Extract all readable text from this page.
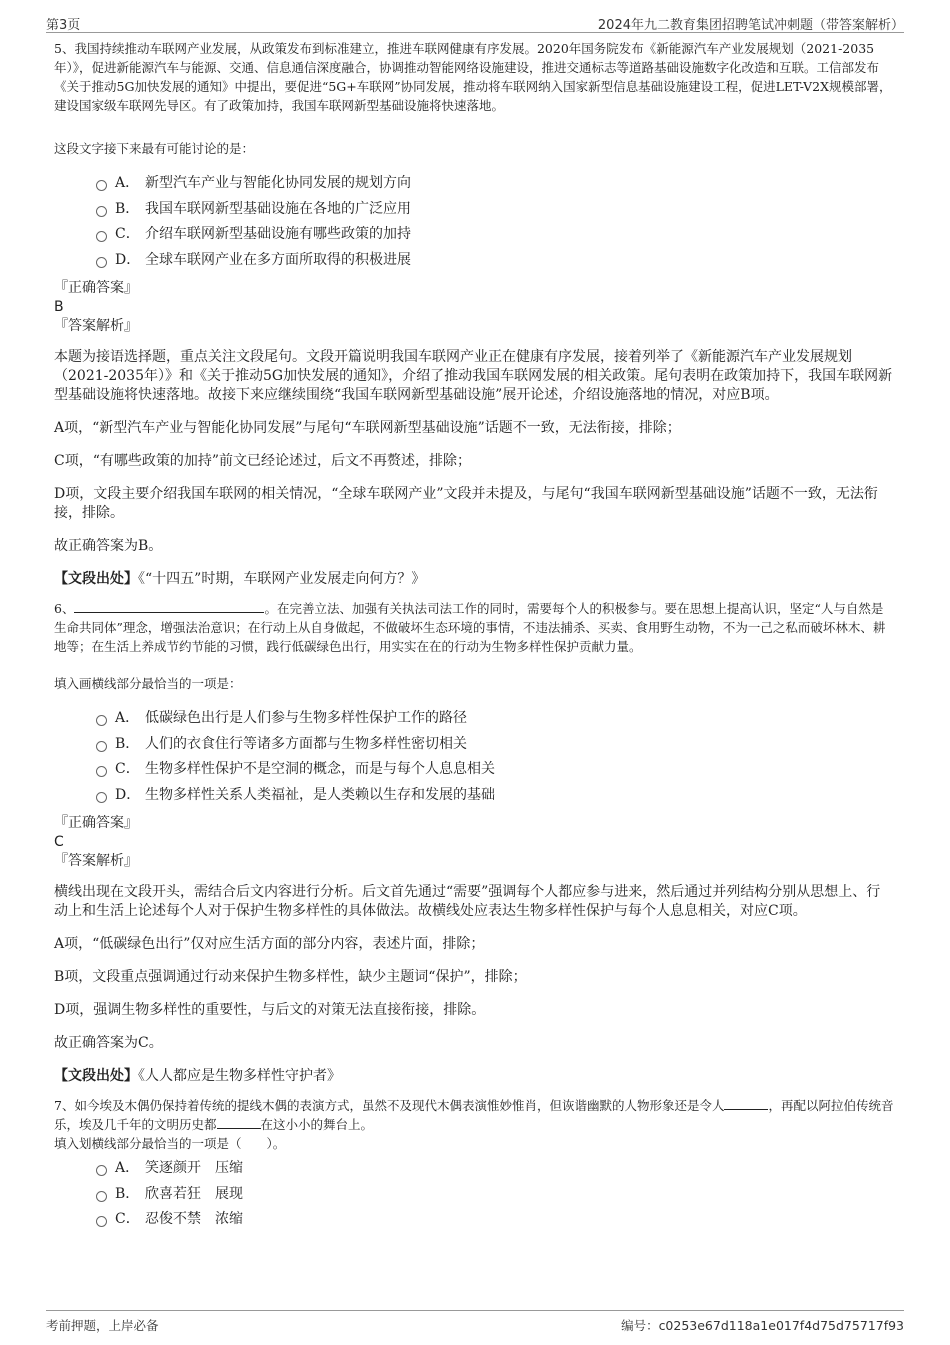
第3页	2024年九二教育集团招聘笔试冲刺题（带答案解析）

5、我国持续推动车联网产业发展，从政策发布到标准建立，推进车联网健康有序发展。2020年国务院发布《新能源汽车产业发展规划（2021-2035年）》，促进新能源汽车与能源、交通、信息通信深度融合，协调推动智能网络设施建设，推进交通标志等道路基础设施数字化改造和互联。工信部发布《关于推动5G加快发展的通知》中提出，要促进“5G+车联网”协同发展，推动将车联网纳入国家新型信息基础设施建设工程，促进LET-V2X规模部署，建设国家级车联网先导区。有了政策加持，我国车联网新型基础设施将快速落地。

这段文字接下来最有可能讨论的是：

A． 新型汽车产业与智能化协同发展的规划方向
B． 我国车联网新型基础设施在各地的广泛应用
C． 介绍车联网新型基础设施有哪些政策的加持
D． 全球车联网产业在多方面所取得的积极进展

『正确答案』

B

『答案解析』

本题为接语选择题，重点关注文段尾句。文段开篇说明我国车联网产业正在健康有序发展，接着列举了《新能源汽车产业发展规划（2021-2035年）》和《关于推动5G加快发展的通知》，介绍了推动我国车联网发展的相关政策。尾句表明在政策加持下，我国车联网新型基础设施将快速落地。故接下来应继续围绕“我国车联网新型基础设施”展开论述，介绍设施落地的情况，对应B项。

A项，“新型汽车产业与智能化协同发展”与尾句“车联网新型基础设施”话题不一致，无法衔接，排除；

C项，“有哪些政策的加持”前文已经论述过，后文不再赘述，排除；

D项，文段主要介绍我国车联网的相关情况，“全球车联网产业”文段并未提及，与尾句“我国车联网新型基础设施”话题不一致，无法衔接，排除。

故正确答案为B。

【文段出处】《“十四五”时期，车联网产业发展走向何方？》

6、	。在完善立法、加强有关执法司法工作的同时，需要每个人的积极参与。要在思想上提高认识，坚定“人与自然是生命共同体”理念，增强法治意识；在行动上从自身做起，不做破坏生态环境的事情，不违法捕杀、买卖、食用野生动物，不为一己之私而破坏林木、耕地等；在生活上养成节约节能的习惯，践行低碳绿色出行，用实实在在的行动为生物多样性保护贡献力量。

填入画横线部分最恰当的一项是：

A． 低碳绿色出行是人们参与生物多样性保护工作的路径
B． 人们的衣食住行等诸多方面都与生物多样性密切相关
C． 生物多样性保护不是空洞的概念，而是与每个人息息相关
D． 生物多样性关系人类福祉，是人类赖以生存和发展的基础

『正确答案』

C

『答案解析』

横线出现在文段开头，需结合后文内容进行分析。后文首先通过“需要”强调每个人都应参与进来，然后通过并列结构分别从思想上、行动上和生活上论述每个人对于保护生物多样性的具体做法。故横线处应表达生物多样性保护与每个人息息相关，对应C项。

A项，“低碳绿色出行”仅对应生活方面的部分内容，表述片面，排除；

B项，文段重点强调通过行动来保护生物多样性，缺少主题词“保护”，排除；

D项，强调生物多样性的重要性，与后文的对策无法直接衔接，排除。

故正确答案为C。

【文段出处】《人人都应是生物多样性守护者》

7、如今埃及木偶仍保持着传统的提线木偶的表演方式，虽然不及现代木偶表演惟妙惟肖，但诙谐幽默的人物形象还是令人	，再配以阿拉伯传统音乐，埃及几千年的文明历史都	在这小小的舞台上。

填入划横线部分最恰当的一项是（　　）。

A． 笑逐颜开　压缩
B． 欣喜若狂　展现
C． 忍俊不禁　浓缩
考前押题，上岸必备	编号：c0253e67d118a1e017f4d75d75717f93
